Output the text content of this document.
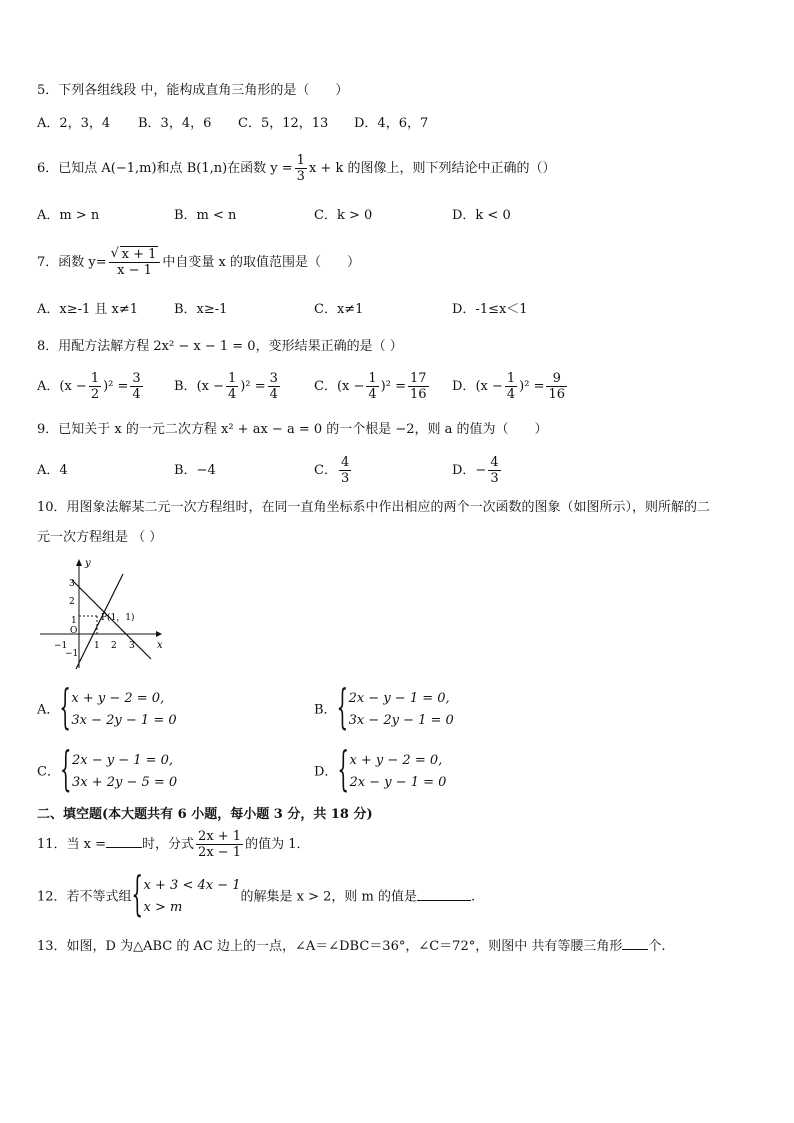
5．下列各组线段 中，能构成直角三角形的是（　　）
A．2，3，4 B．3，4，6 C．5，12，13 D．4，6，7
6．已知点 A(−1,m)和点 B(1,n)在函数 $y = \frac{1}{3}$ x + k 的图像上，则下列结论中正确的（）
A．m > n	B．m < n	C．k > 0	D．k < 0
7．函数 $y= \frac{√ x + 1}{x - 1}$ 中自变量 x 的取值范围是（　　）
A．x≥-1 且 x≠1	B．x≥-1	C．x≠1	D．-1≤x＜1
8．用配方法解方程 2x² − x − 1 = 0，变形结果正确的是（ ）
A．$(x - \frac{1}{2} )^2 = \frac{3}{4}$ B．$(x - \frac{1}{4} )^2 = \frac{3}{4}$	C．$(x - \frac{1}{4} )^2 = \frac{17}{16}$ D．$(x - \frac{1}{4} )^2 = \frac{9}{16}$
9．已知关于 x 的一元二次方程 x² + ax − a = 0 的一个根是 −2，则 a 的值为（　　）
A．4	B．−4	C． $\frac{4}{3}$	D．− $\frac{4}{3}$
10．用图象法解某二元一次方程组时，在同一直角坐标系中作出相应的两个一次函数的图象（如图所示），则所解的二
元一次方程组是 （ ）
y
x
O
P(1，1)
−1	1 2 3
3
2
1
−1
A． { x + y − 2 = 0,
3x − 2y − 1 = 0
B． { 2x − y − 1 = 0,
3x − 2y − 1 = 0
C． { 2x − y − 1 = 0,
3x + 2y − 5 = 0
D． { x + y − 2 = 0,
2x − y − 1 = 0
二、填空题(本大题共有 6 小题，每小题 3 分，共 18 分)
11．当 x =	时，分式 $\frac{2x + 1}{2x - 1}$ 的值为 1．
12．若不等式组 { x + 3 < 4x − 1
x > m
的解集是 x > 2，则 m 的值是	.
13．如图，D 为△ABC 的 AC 边上的一点，∠A＝∠DBC＝36°，∠C＝72°，则图中 共有等腰三角形 个.
